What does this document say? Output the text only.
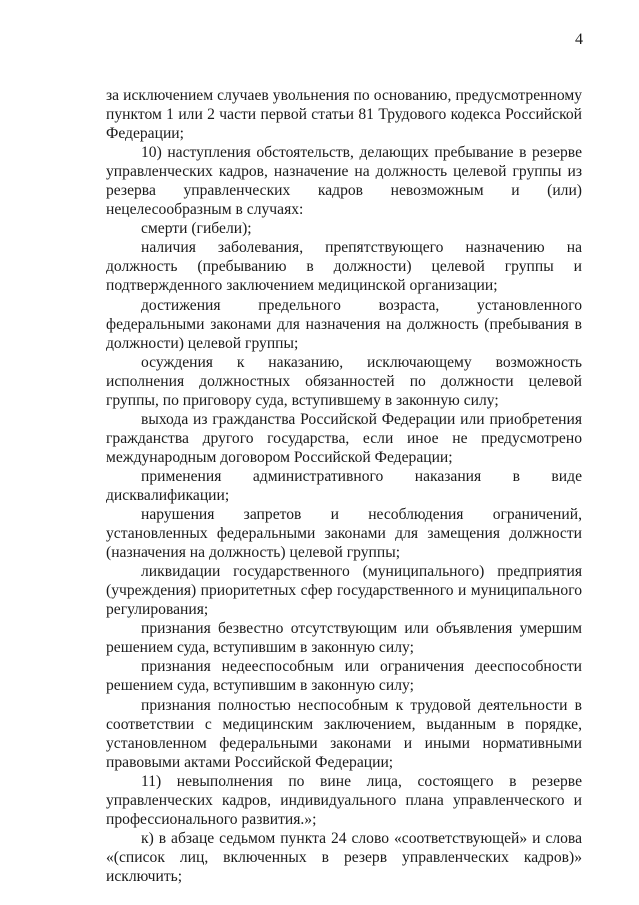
4

за исключением случаев увольнения по основанию, предусмотренному пунктом 1 или 2 части первой статьи 81 Трудового кодекса Российской Федерации;

10) наступления обстоятельств, делающих пребывание в резерве управленческих кадров, назначение на должность целевой группы из резерва управленческих кадров невозможным и (или) нецелесообразным в случаях:

смерти (гибели);

наличия заболевания, препятствующего назначению на должность (пребыванию в должности) целевой группы и подтвержденного заключением медицинской организации;

достижения предельного возраста, установленного федеральными законами для назначения на должность (пребывания в должности) целевой группы;

осуждения к наказанию, исключающему возможность исполнения должностных обязанностей по должности целевой группы, по приговору суда, вступившему в законную силу;

выхода из гражданства Российской Федерации или приобретения гражданства другого государства, если иное не предусмотрено международным договором Российской Федерации;

применения административного наказания в виде дисквалификации;

нарушения запретов и несоблюдения ограничений, установленных федеральными законами для замещения должности (назначения на должность) целевой группы;

ликвидации государственного (муниципального) предприятия (учреждения) приоритетных сфер государственного и муниципального регулирования;

признания безвестно отсутствующим или объявления умершим решением суда, вступившим в законную силу;

признания недееспособным или ограничения дееспособности решением суда, вступившим в законную силу;

признания полностью неспособным к трудовой деятельности в соответствии с медицинским заключением, выданным в порядке, установленном федеральными законами и иными нормативными правовыми актами Российской Федерации;

11) невыполнения по вине лица, состоящего в резерве управленческих кадров, индивидуального плана управленческого и профессионального развития.»;

к) в абзаце седьмом пункта 24 слово «соответствующей» и слова «(список лиц, включенных в резерв управленческих кадров)» исключить;
